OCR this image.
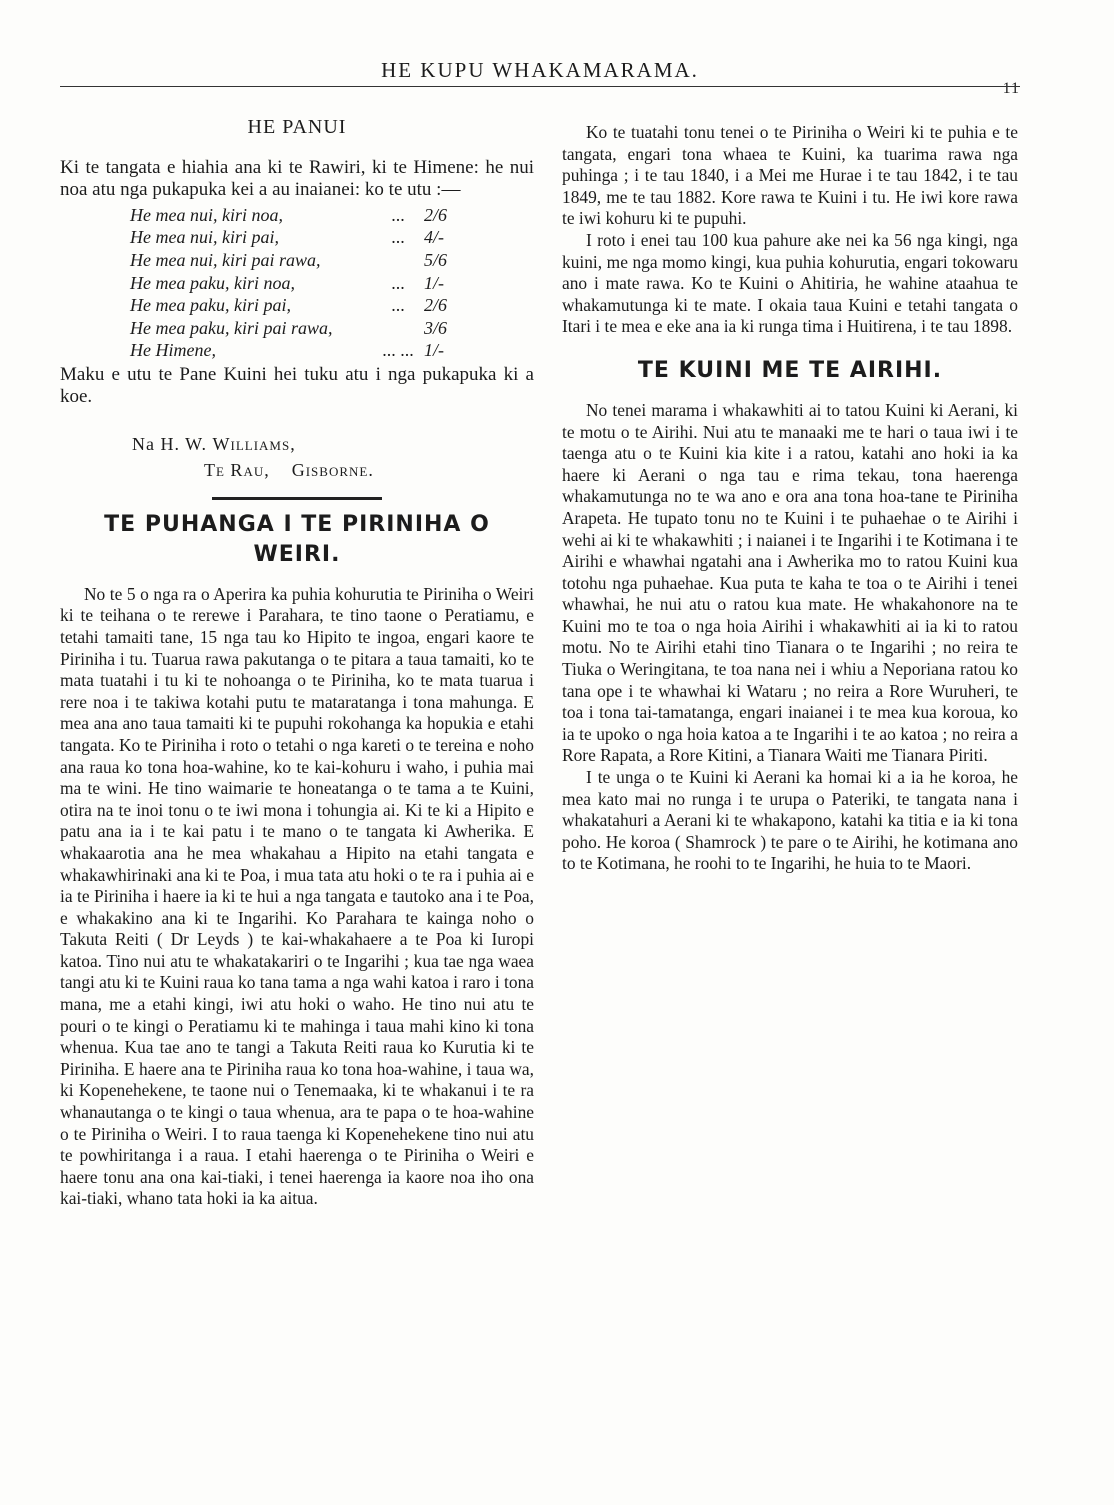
HE KUPU WHAKAMARAMA.
11
HE PANUI

Ki te tangata e hiahia ana ki te Rawiri, ki te Himene: he nui noa atu nga pukapuka kei a au inaianei: ko te utu :—

He mea nui, kiri noa,	...	2/6
He mea nui, kiri pai,	...	4/-
He mea nui, kiri pai rawa,	5/6
He mea paku, kiri noa,	...	1/-
He mea paku, kiri pai,	...	2/6
He mea paku, kiri pai rawa,	3/6
He Himene,	... ... 1/-

Maku e utu te Pane Kuini hei tuku atu i nga pukapuka ki a koe.

Na H. W. Williams,
Te Rau, Gisborne.
TE PUHANGA I TE PIRINIHA O WEIRI.

No te 5 o nga ra o Aperira ka puhia kohurutia te Piriniha o Weiri ki te teihana o te rerewe i Parahara, te tino taone o Peratiamu, e tetahi tamaiti tane, 15 nga tau ko Hipito te ingoa, engari kaore te Piriniha i tu. Tuarua rawa pakutanga o te pitara a taua tamaiti, ko te mata tuatahi i tu ki te nohoanga o te Piriniha, ko te mata tuarua i rere noa i te takiwa kotahi putu te mataratanga i tona mahunga. E mea ana ano taua tamaiti ki te pupuhi rokohanga ka hopukia e etahi tangata. Ko te Piriniha i roto o tetahi o nga kareti o te tereina e noho ana raua ko tona hoa-wahine, ko te kai-kohuru i waho, i puhia mai ma te wini. He tino waimarie te honeatanga o te tama a te Kuini, otira na te inoi tonu o te iwi mona i tohungia ai. Ki te ki a Hipito e patu ana ia i te kai patu i te mano o te tangata ki Awherika. E whakaarotia ana he mea whakahau a Hipito na etahi tangata e whakawhirinaki ana ki te Poa, i mua tata atu hoki o te ra i puhia ai e ia te Piriniha i haere ia ki te hui a nga tangata e tautoko ana i te Poa, e whakakino ana ki te Ingarihi. Ko Parahara te kainga noho o Takuta Reiti ( Dr Leyds ) te kai-whakahaere a te Poa ki Iuropi katoa. Tino nui atu te whakatakariri o te Ingarihi ; kua tae nga waea tangi atu ki te Kuini raua ko tana tama a nga wahi katoa i raro i tona mana, me a etahi kingi, iwi atu hoki o waho. He tino nui atu te pouri o te kingi o Peratiamu ki te mahinga i taua mahi kino ki tona whenua. Kua tae ano te tangi a Takuta Reiti raua ko Kurutia ki te Piriniha. E haere ana te Piriniha raua ko tona hoa-wahine, i taua wa, ki Kopenehekene, te taone nui o Tenemaaka, ki te whakanui i te ra whanautanga o te kingi o taua whenua, ara te papa o te hoa-wahine o te Piriniha o Weiri. I to raua taenga ki Kopenehekene tino nui atu te powhiritanga i a raua. I etahi haerenga o te Piriniha o Weiri e haere tonu ana ona kai-tiaki, i tenei haerenga ia kaore noa iho ona kai-tiaki, whano tata hoki ia ka aitua.

Ko te tuatahi tonu tenei o te Piriniha o Weiri ki te puhia e te tangata, engari tona whaea te Kuini, ka tuarima rawa nga puhinga ; i te tau 1840, i a Mei me Hurae i te tau 1842, i te tau 1849, me te tau 1882. Kore rawa te Kuini i tu. He iwi kore rawa te iwi kohuru ki te pupuhi.

I roto i enei tau 100 kua pahure ake nei ka 56 nga kingi, nga kuini, me nga momo kingi, kua puhia kohurutia, engari tokowaru ano i mate rawa. Ko te Kuini o Ahitiria, he wahine ataahua te whakamutunga ki te mate. I okaia taua Kuini e tetahi tangata o Itari i te mea e eke ana ia ki runga tima i Huitirena, i te tau 1898.

TE KUINI ME TE AIRIHI.

No tenei marama i whakawhiti ai to tatou Kuini ki Aerani, ki te motu o te Airihi. Nui atu te manaaki me te hari o taua iwi i te taenga atu o te Kuini kia kite i a ratou, katahi ano hoki ia ka haere ki Aerani o nga tau e rima tekau, tona haerenga whakamutunga no te wa ano e ora ana tona hoa-tane te Piriniha Arapeta. He tupato tonu no te Kuini i te puhaehae o te Airihi i wehi ai ki te whakawhiti ; i naianei i te Ingarihi i te Kotimana i te Airihi e whawhai ngatahi ana i Awherika mo to ratou Kuini kua totohu nga puhaehae. Kua puta te kaha te toa o te Airihi i tenei whawhai, he nui atu o ratou kua mate. He whakahonore na te Kuini mo te toa o nga hoia Airihi i whakawhiti ai ia ki to ratou motu. No te Airihi etahi tino Tianara o te Ingarihi ; no reira te Tiuka o Weringitana, te toa nana nei i whiu a Neporiana ratou ko tana ope i te whawhai ki Wataru ; no reira a Rore Wuruheri, te toa i tona tai-tamatanga, engari inaianei i te mea kua koroua, ko ia te upoko o nga hoia katoa a te Ingarihi i te ao katoa ; no reira a Rore Rapata, a Rore Kitini, a Tianara Waiti me Tianara Piriti.

I te unga o te Kuini ki Aerani ka homai ki a ia he koroa, he mea kato mai no runga i te urupa o Pateriki, te tangata nana i whakatahuri a Aerani ki te whakapono, katahi ka titia e ia ki tona poho. He koroa ( Shamrock ) te pare o te Airihi, he kotimana ano to te Kotimana, he roohi to te Ingarihi, he huia to te Maori.
